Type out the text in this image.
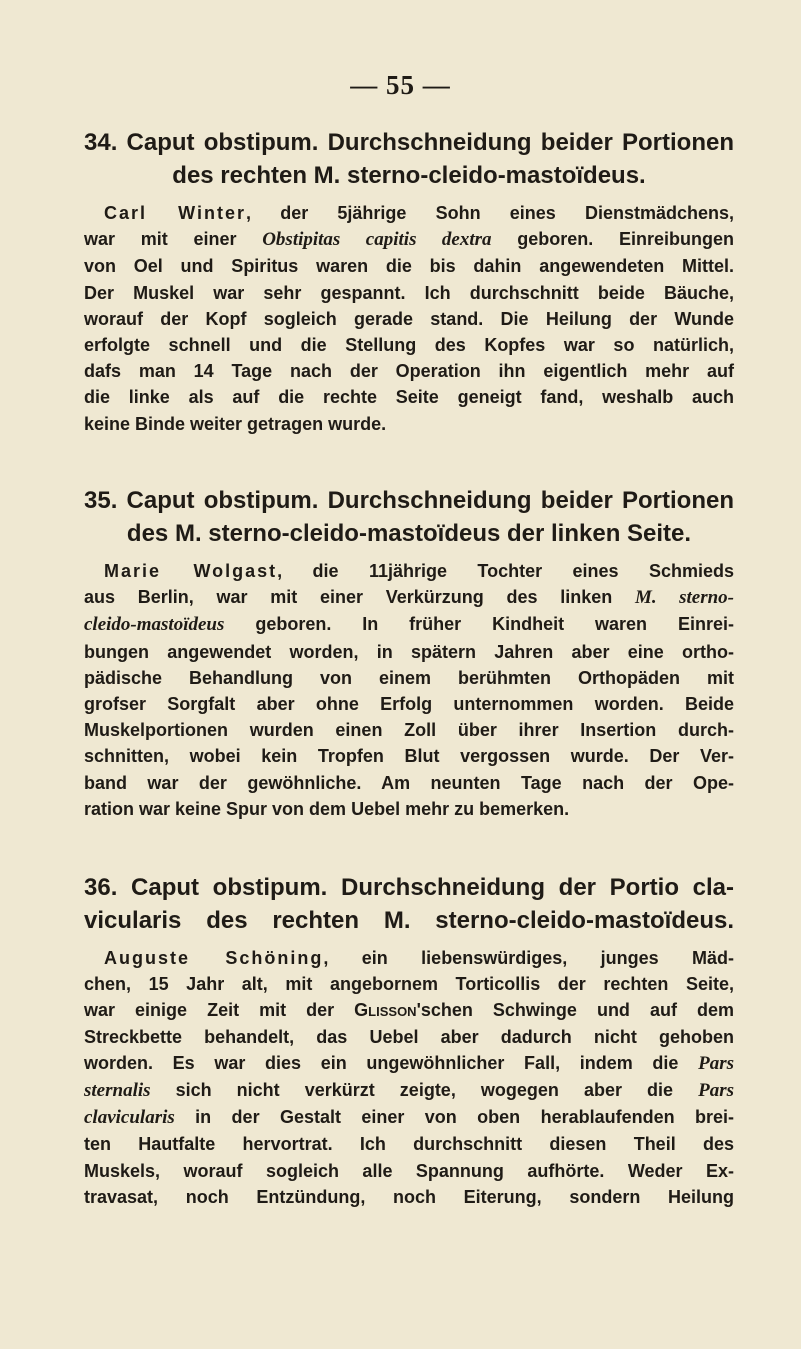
— 55 —
34. Caput obstipum. Durchschneidung beider Portionen
des rechten M. sterno-cleido-mastoïdeus.
Carl Winter, der 5jährige Sohn eines Dienstmädchens,
war mit einer Obstipitas capitis dextra geboren. Einreibungen
von Oel und Spiritus waren die bis dahin angewendeten Mittel.
Der Muskel war sehr gespannt. Ich durchschnitt beide Bäuche,
worauf der Kopf sogleich gerade stand. Die Heilung der Wunde
erfolgte schnell und die Stellung des Kopfes war so natürlich,
dafs man 14 Tage nach der Operation ihn eigentlich mehr auf
die linke als auf die rechte Seite geneigt fand, weshalb auch
keine Binde weiter getragen wurde.
35. Caput obstipum. Durchschneidung beider Portionen
des M. sterno-cleido-mastoïdeus der linken Seite.
Marie Wolgast, die 11jährige Tochter eines Schmieds
aus Berlin, war mit einer Verkürzung des linken M. sterno-
cleido-mastoïdeus geboren. In früher Kindheit waren Einrei-
bungen angewendet worden, in spätern Jahren aber eine ortho-
pädische Behandlung von einem berühmten Orthopäden mit
grofser Sorgfalt aber ohne Erfolg unternommen worden. Beide
Muskelportionen wurden einen Zoll über ihrer Insertion durch-
schnitten, wobei kein Tropfen Blut vergossen wurde. Der Ver-
band war der gewöhnliche. Am neunten Tage nach der Ope-
ration war keine Spur von dem Uebel mehr zu bemerken.
36. Caput obstipum. Durchschneidung der Portio cla-
vicularis des rechten M. sterno-cleido-mastoïdeus.
Auguste Schöning, ein liebenswürdiges, junges Mäd-
chen, 15 Jahr alt, mit angebornem Torticollis der rechten Seite,
war einige Zeit mit der Glisson'schen Schwinge und auf dem
Streckbette behandelt, das Uebel aber dadurch nicht gehoben
worden. Es war dies ein ungewöhnlicher Fall, indem die Pars
sternalis sich nicht verkürzt zeigte, wogegen aber die Pars
clavicularis in der Gestalt einer von oben herablaufenden brei-
ten Hautfalte hervortrat. Ich durchschnitt diesen Theil des
Muskels, worauf sogleich alle Spannung aufhörte. Weder Ex-
travasat, noch Entzündung, noch Eiterung, sondern Heilung
